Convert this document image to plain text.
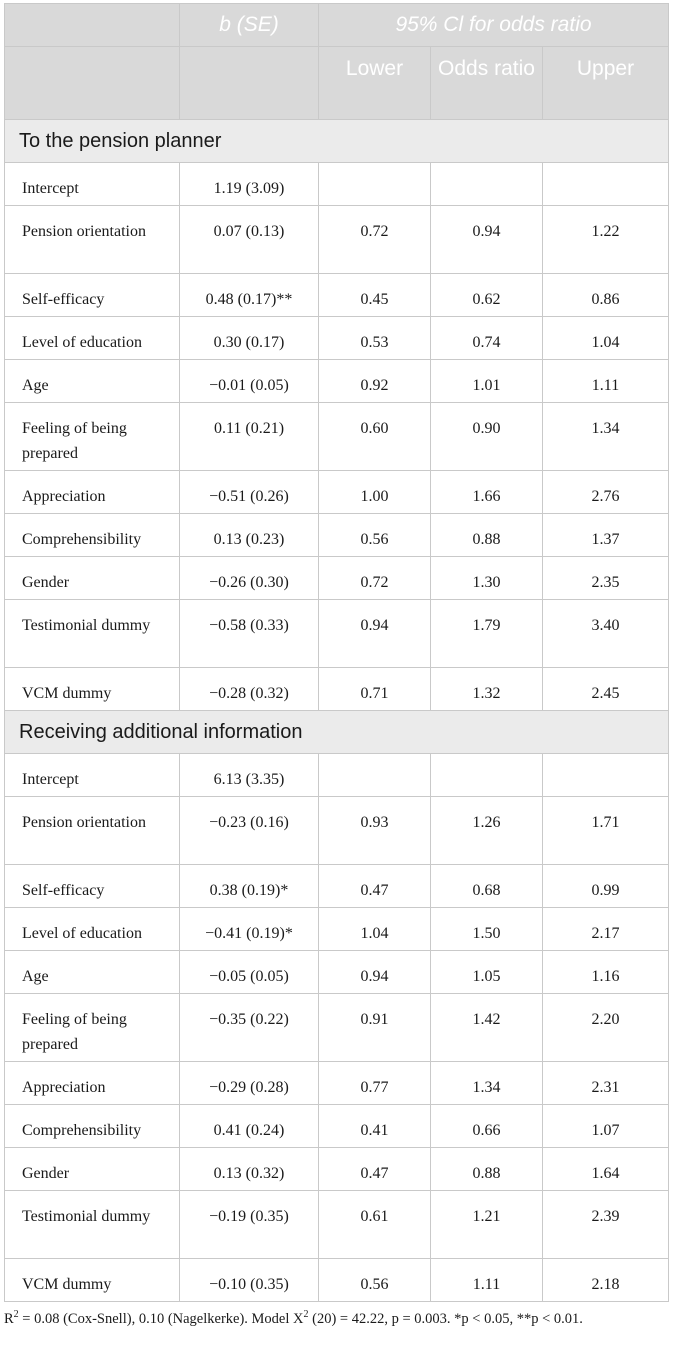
	b (SE)	95% Cl for odds ratio		
		Lower	Odds ratio	Upper
To the pension planner				
Intercept	1.19 (3.09)			
Pension orientation	0.07 (0.13)	0.72	0.94	1.22
Self-efficacy	0.48 (0.17)**	0.45	0.62	0.86
Level of education	0.30 (0.17)	0.53	0.74	1.04
Age	−0.01 (0.05)	0.92	1.01	1.11
Feeling of being prepared	0.11 (0.21)	0.60	0.90	1.34
Appreciation	−0.51 (0.26)	1.00	1.66	2.76
Comprehensibility	0.13 (0.23)	0.56	0.88	1.37
Gender	−0.26 (0.30)	0.72	1.30	2.35
Testimonial dummy	−0.58 (0.33)	0.94	1.79	3.40
VCM dummy	−0.28 (0.32)	0.71	1.32	2.45
Receiving additional information				
Intercept	6.13 (3.35)			
Pension orientation	−0.23 (0.16)	0.93	1.26	1.71
Self-efficacy	0.38 (0.19)*	0.47	0.68	0.99
Level of education	−0.41 (0.19)*	1.04	1.50	2.17
Age	−0.05 (0.05)	0.94	1.05	1.16
Feeling of being prepared	−0.35 (0.22)	0.91	1.42	2.20
Appreciation	−0.29 (0.28)	0.77	1.34	2.31
Comprehensibility	0.41 (0.24)	0.41	0.66	1.07
Gender	0.13 (0.32)	0.47	0.88	1.64
Testimonial dummy	−0.19 (0.35)	0.61	1.21	2.39
VCM dummy	−0.10 (0.35)	0.56	1.11	2.18
$R^2 = 0.08$ (Cox-Snell), 0.10 (Nagelkerke). Model $X^2$ (20) = 42.22, p = 0.003. *p < 0.05, **p < 0.01.
